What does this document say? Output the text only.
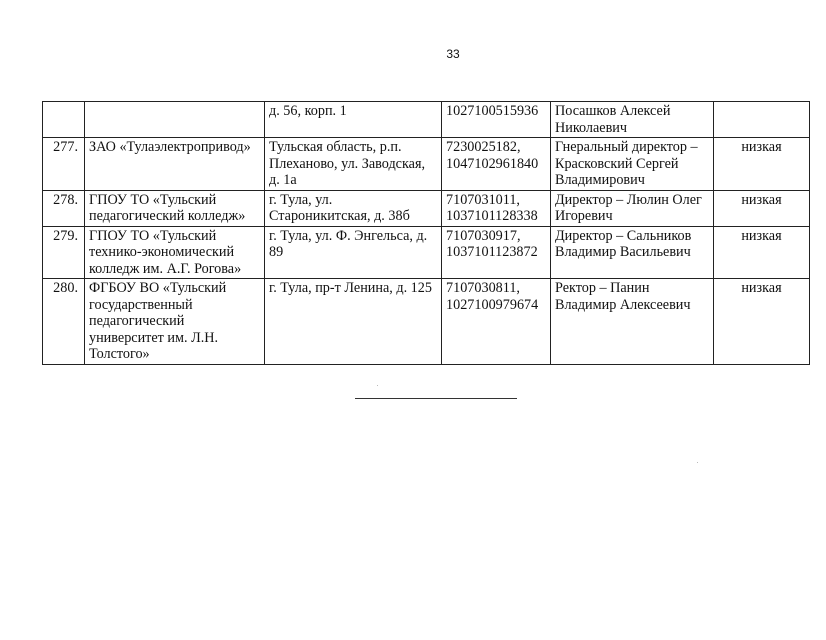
33
		д. 56, корп. 1	1027100515936	Посашков Алексей Николаевич	
277.	ЗАО «Тулаэлектропривод»	Тульская область, р.п. Плеханово, ул. Заводская, д. 1а	7230025182, 1047102961840	Гнеральный директор – Красковский Сергей Владимирович	низкая
278.	ГПОУ ТО «Тульский педагогический колледж»	г. Тула, ул. Староникитская, д. 38б	7107031011, 1037101128338	Директор – Люлин Олег Игоревич	низкая
279.	ГПОУ ТО «Тульский технико-экономический колледж им. А.Г. Рогова»	г. Тула, ул. Ф. Энгельса, д. 89	7107030917, 1037101123872	Директор – Сальников Владимир Васильевич	низкая
280.	ФГБОУ ВО «Тульский государственный педагогический университет им. Л.Н. Толстого»	г. Тула, пр-т Ленина, д. 125	7107030811, 1027100979674	Ректор – Панин Владимир Алексеевич	низкая
